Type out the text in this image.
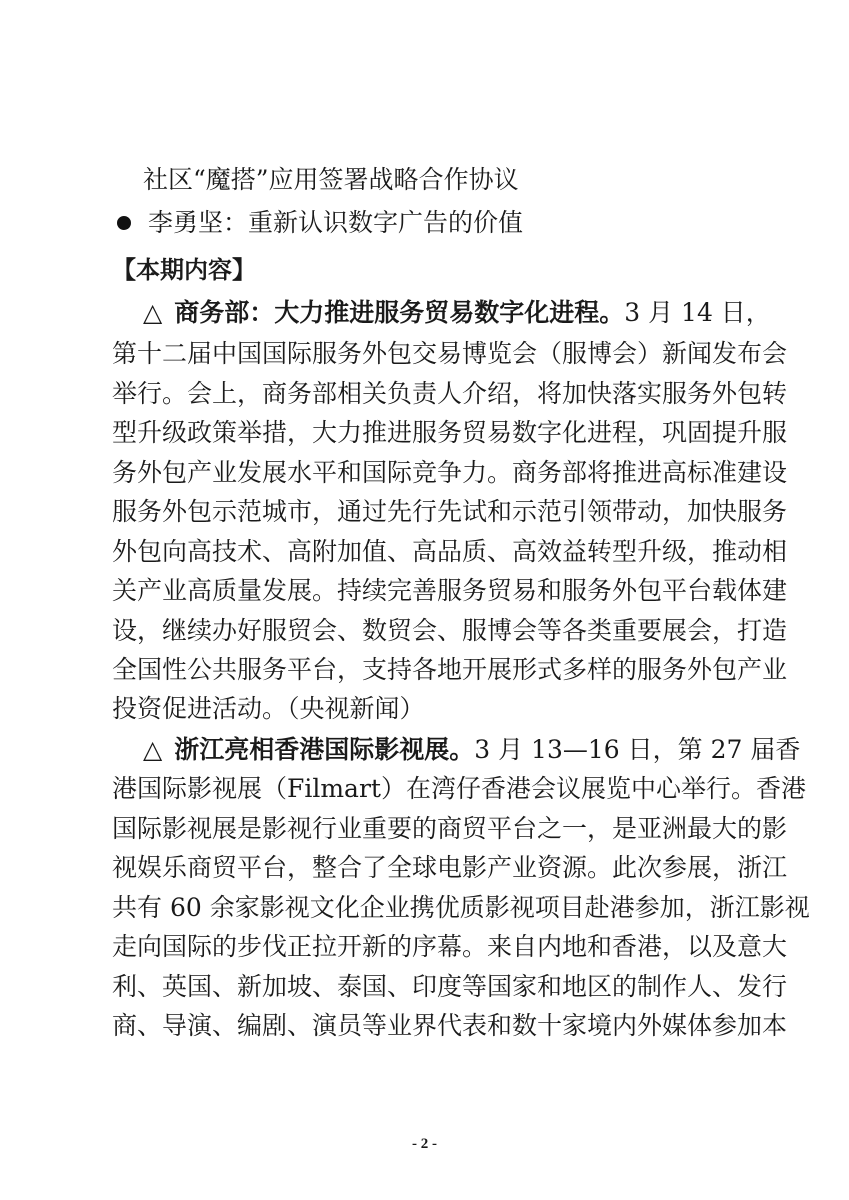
社区“魔搭”应用签署战略合作协议
李勇坚：重新认识数字广告的价值
【本期内容】
△ 商务部：大力推进服务贸易数字化进程。3 月 14 日，
第十二届中国国际服务外包交易博览会（服博会）新闻发布会
举行。会上，商务部相关负责人介绍，将加快落实服务外包转
型升级政策举措，大力推进服务贸易数字化进程，巩固提升服
务外包产业发展水平和国际竞争力。商务部将推进高标准建设
服务外包示范城市，通过先行先试和示范引领带动，加快服务
外包向高技术、高附加值、高品质、高效益转型升级，推动相
关产业高质量发展。持续完善服务贸易和服务外包平台载体建
设，继续办好服贸会、数贸会、服博会等各类重要展会，打造
全国性公共服务平台，支持各地开展形式多样的服务外包产业
投资促进活动。（央视新闻）
△ 浙江亮相香港国际影视展。3 月 13—16 日，第 27 届香
港国际影视展（Filmart）在湾仔香港会议展览中心举行。香港
国际影视展是影视行业重要的商贸平台之一，是亚洲最大的影
视娱乐商贸平台，整合了全球电影产业资源。此次参展，浙江
共有 60 余家影视文化企业携优质影视项目赴港参加，浙江影视
走向国际的步伐正拉开新的序幕。来自内地和香港，以及意大
利、英国、新加坡、泰国、印度等国家和地区的制作人、发行
商、导演、编剧、演员等业界代表和数十家境内外媒体参加本
- 2 -
